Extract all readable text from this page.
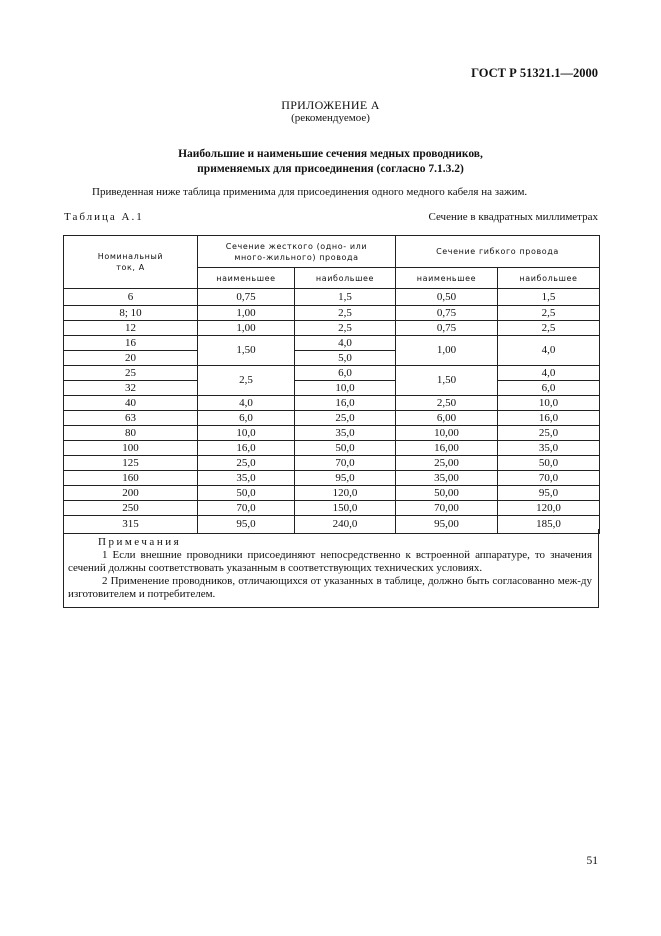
ГОСТ Р 51321.1—2000
ПРИЛОЖЕНИЕ А
(рекомендуемое)
Наибольшие и наименьшие сечения медных проводников,
применяемых для присоединения (согласно 7.1.3.2)
Приведенная ниже таблица применима для присоединения одного медного кабеля на зажим.
Таблица А.1	Сечение в квадратных миллиметрах
Номинальный ток, А	Сечение жесткого (одно- или много-жильного) провода		Сечение гибкого провода	
	наименьшее	наибольшее	наименьшее	наибольшее
6	0,75	1,5	0,50	1,5
8; 10	1,00	2,5	0,75	2,5
12	1,00	2,5	0,75	2,5
16	1,50	4,0	1,00	4,0
20		5,0		
25	2,5	6,0	1,50	4,0
32		10,0		6,0
40	4,0	16,0	2,50	10,0
63	6,0	25,0	6,00	16,0
80	10,0	35,0	10,00	25,0
100	16,0	50,0	16,00	35,0
125	25,0	70,0	25,00	50,0
160	35,0	95,0	35,00	70,0
200	50,0	120,0	50,00	95,0
250	70,0	150,0	70,00	120,0
315	95,0	240,0	95,00	185,0
Примечания

1 Если внешние проводники присоединяют непосредственно к встроенной аппаратуре, то значения сечений должны соответствовать указанным в соответствующих технических условиях.

2 Применение проводников, отличающихся от указанных в таблице, должно быть согласованно меж-ду изготовителем и потребителем.

51
